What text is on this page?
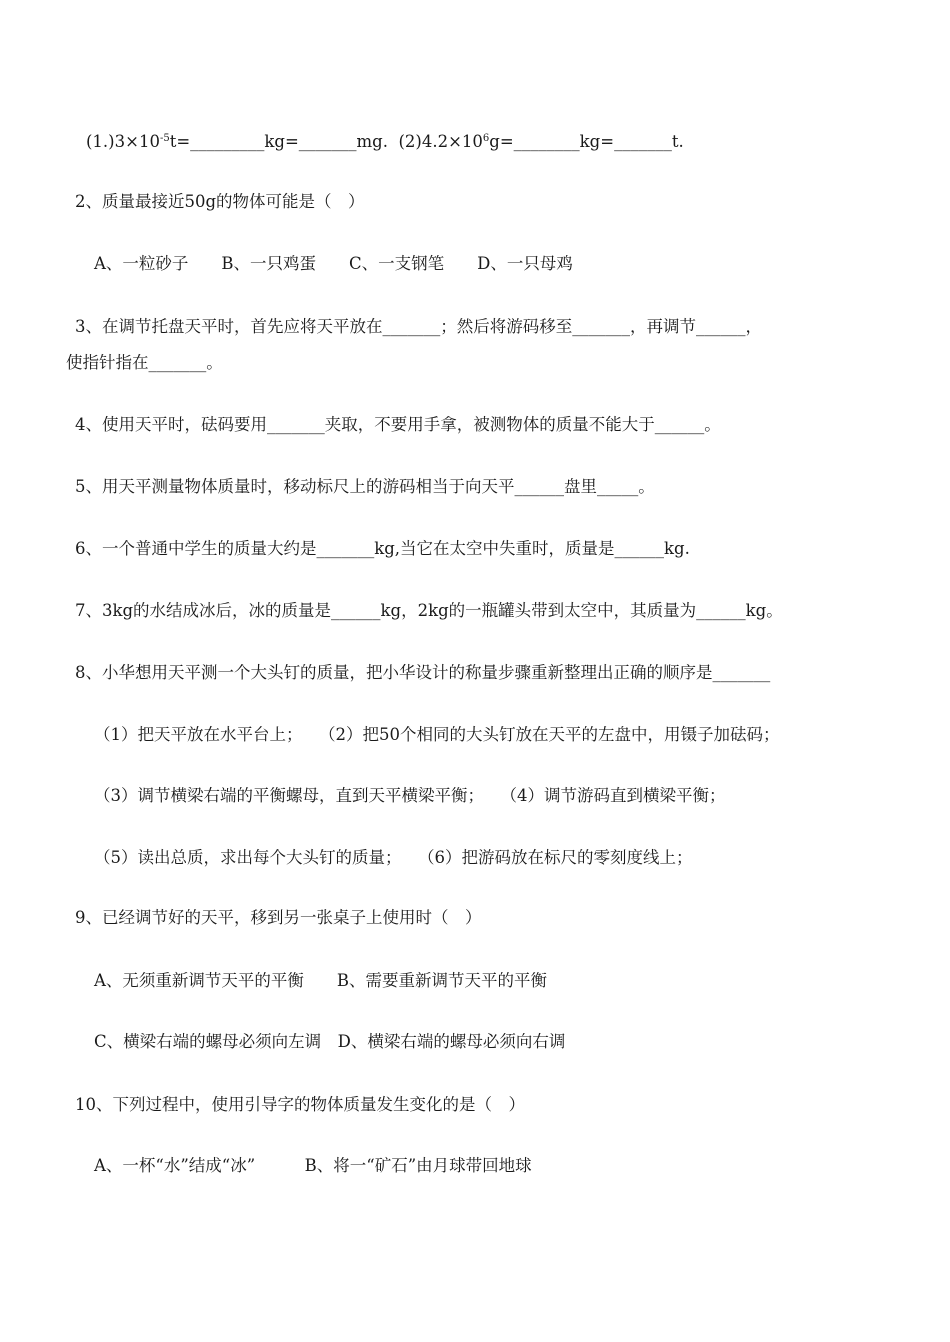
$(1.)3\times 10^{-5}t=\_\_\_\_\_\_\_\_\_kg=\_\_\_\_\_\_\_mg$. $(2)4.2\times 10^6g=\_\_\_\_\_\_\_\_kg=\_\_\_\_\_\_\_t$.
2、质量最接近50g的物体可能是（　）
A、一粒砂子　　B、一只鸡蛋　　C、一支钢笔　　D、一只母鸡
3、在调节托盘天平时，首先应将天平放在_______；然后将游码移至_______，再调节______，
使指针指在_______。
4、使用天平时，砝码要用_______夹取，不要用手拿，被测物体的质量不能大于______。
5、用天平测量物体质量时，移动标尺上的游码相当于向天平______盘里_____。
6、一个普通中学生的质量大约是_______kg,当它在太空中失重时，质量是______kg.
7、3kg的水结成冰后，冰的质量是______kg，2kg的一瓶罐头带到太空中，其质量为______kg。
8、小华想用天平测一个大头钉的质量，把小华设计的称量步骤重新整理出正确的顺序是_______
（1）把天平放在水平台上；　　（2）把50个相同的大头钉放在天平的左盘中，用镊子加砝码；
（3）调节横梁右端的平衡螺母，直到天平横梁平衡；　　（4）调节游码直到横梁平衡；
（5）读出总质，求出每个大头钉的质量；　　（6）把游码放在标尺的零刻度线上；
9、已经调节好的天平，移到另一张桌子上使用时（　）
A、无须重新调节天平的平衡　　B、需要重新调节天平的平衡
C、横梁右端的螺母必须向左调　D、横梁右端的螺母必须向右调
10、下列过程中，使用引导字的物体质量发生变化的是（　）
A、一杯“水”结成“冰”　　　B、将一“矿石”由月球带回地球
